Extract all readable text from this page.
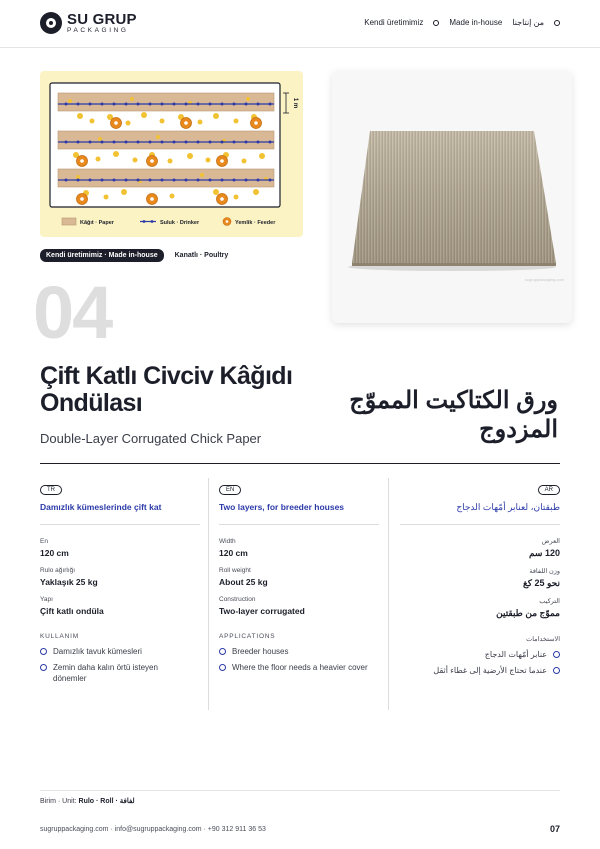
SU GRUP
PACKAGING
Kendi üretimimiz	Made in-house من إنتاجنا
1 m
Kâğıt · Paper	Suluk · Drinker	Yemlik · Feeder
sugruppackaging.com
Kendi üretimimiz · Made in-house	Kanatlı · Poultry
04
Çift Katlı Civciv Kâğıdı Ondülası
Double-Layer Corrugated Chick Paper
ورق الكتاكيت المموّج المزدوج
TR
Damızlık kümeslerinde çift kat
En
120 cm
Rulo ağırlığı
Yaklaşık 25 kg
Yapı
Çift katlı ondüla
KULLANIM
Damızlık tavuk kümesleri
Zemin daha kalın örtü isteyen dönemler
EN
Two layers, for breeder houses
Width
120 cm
Roll weight
About 25 kg
Construction
Two-layer corrugated
APPLICATIONS
Breeder houses
Where the floor needs a heavier cover
AR
طبقتان، لعنابر أمّهات الدجاج
العرض
120 سم
وزن اللفافة
نحو 25 كغ
التركيب
مموّج من طبقتين
الاستخدامات
عنابر أمّهات الدجاج
عندما تحتاج الأرضية إلى غطاء أثقل
Birim · Unit: Rulo · Roll · لفافة
sugruppackaging.com · info@sugruppackaging.com · +90 312 911 36 53	07
